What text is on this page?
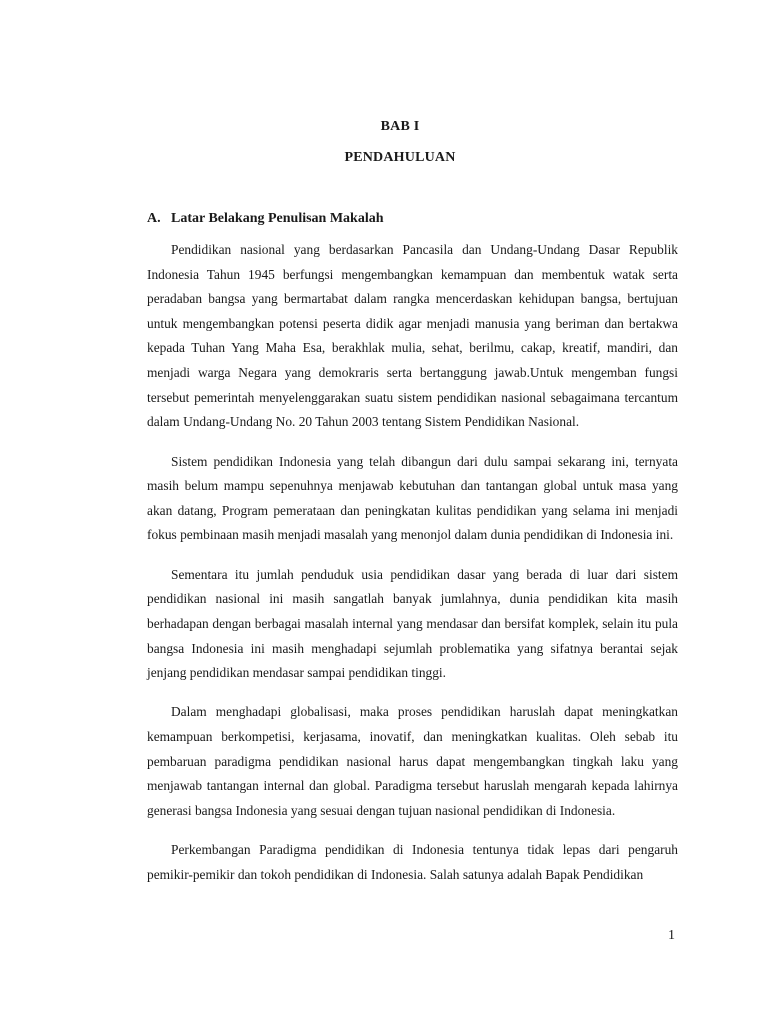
BAB I
PENDAHULUAN
A. Latar Belakang Penulisan Makalah

Pendidikan nasional yang berdasarkan Pancasila dan Undang-Undang Dasar Republik Indonesia Tahun 1945 berfungsi mengembangkan kemampuan dan membentuk watak serta peradaban bangsa yang bermartabat dalam rangka mencerdaskan kehidupan bangsa, bertujuan untuk mengembangkan potensi peserta didik agar menjadi manusia yang beriman dan bertakwa kepada Tuhan Yang Maha Esa, berakhlak mulia, sehat, berilmu, cakap, kreatif, mandiri, dan menjadi warga Negara yang demokraris serta bertanggung jawab.Untuk mengemban fungsi tersebut pemerintah menyelenggarakan suatu sistem pendidikan nasional sebagaimana tercantum dalam Undang-Undang No. 20 Tahun 2003 tentang Sistem Pendidikan Nasional.

Sistem pendidikan Indonesia yang telah dibangun dari dulu sampai sekarang ini, ternyata masih belum mampu sepenuhnya menjawab kebutuhan dan tantangan global untuk masa yang akan datang, Program pemerataan dan peningkatan kulitas pendidikan yang selama ini menjadi fokus pembinaan masih menjadi masalah yang menonjol dalam dunia pendidikan di Indonesia ini.

Sementara itu jumlah penduduk usia pendidikan dasar yang berada di luar dari sistem pendidikan nasional ini masih sangatlah banyak jumlahnya, dunia pendidikan kita masih berhadapan dengan berbagai masalah internal yang mendasar dan bersifat komplek, selain itu pula bangsa Indonesia ini masih menghadapi sejumlah problematika yang sifatnya berantai sejak jenjang pendidikan mendasar sampai pendidikan tinggi.

Dalam menghadapi globalisasi, maka proses pendidikan haruslah dapat meningkatkan kemampuan berkompetisi, kerjasama, inovatif, dan meningkatkan kualitas. Oleh sebab itu pembaruan paradigma pendidikan nasional harus dapat mengembangkan tingkah laku yang menjawab tantangan internal dan global. Paradigma tersebut haruslah mengarah kepada lahirnya generasi bangsa Indonesia yang sesuai dengan tujuan nasional pendidikan di Indonesia.

Perkembangan Paradigma pendidikan di Indonesia tentunya tidak lepas dari pengaruh pemikir-pemikir dan tokoh pendidikan di Indonesia. Salah satunya adalah Bapak Pendidikan

1
